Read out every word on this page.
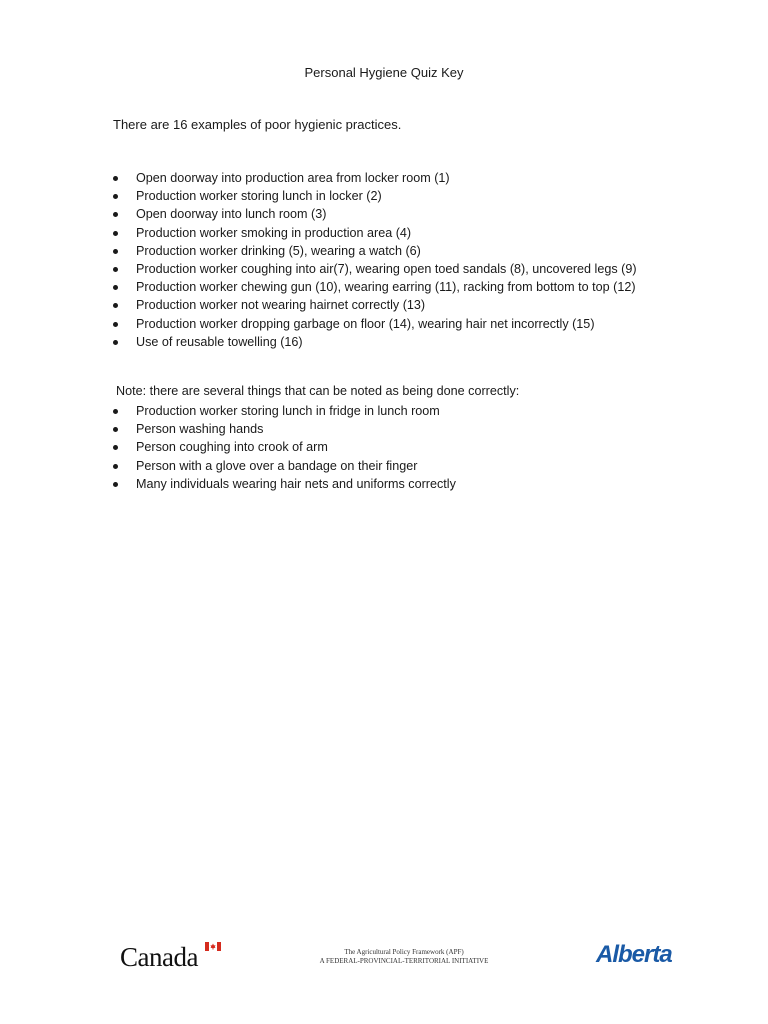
Personal Hygiene Quiz Key
There are 16 examples of poor hygienic practices.
Open doorway into production area from locker room (1)
Production worker storing lunch in locker (2)
Open doorway into lunch room (3)
Production worker smoking in production area (4)
Production worker drinking (5), wearing a watch (6)
Production worker coughing into air(7), wearing open toed sandals (8), uncovered legs (9)
Production worker chewing gun (10), wearing earring (11), racking from bottom to top (12)
Production worker not wearing hairnet correctly (13)
Production worker dropping garbage on floor (14), wearing hair net incorrectly (15)
Use of reusable towelling (16)
Note: there are several things that can be noted as being done correctly:
Production worker storing lunch in fridge in lunch room
Person washing hands
Person coughing into crook of arm
Person with a glove over a bandage on their finger
Many individuals wearing hair nets and uniforms correctly
Canada	The Agricultural Policy Framework (APF)
A FEDERAL-PROVINCIAL-TERRITORIAL INITIATIVE	Alberta
